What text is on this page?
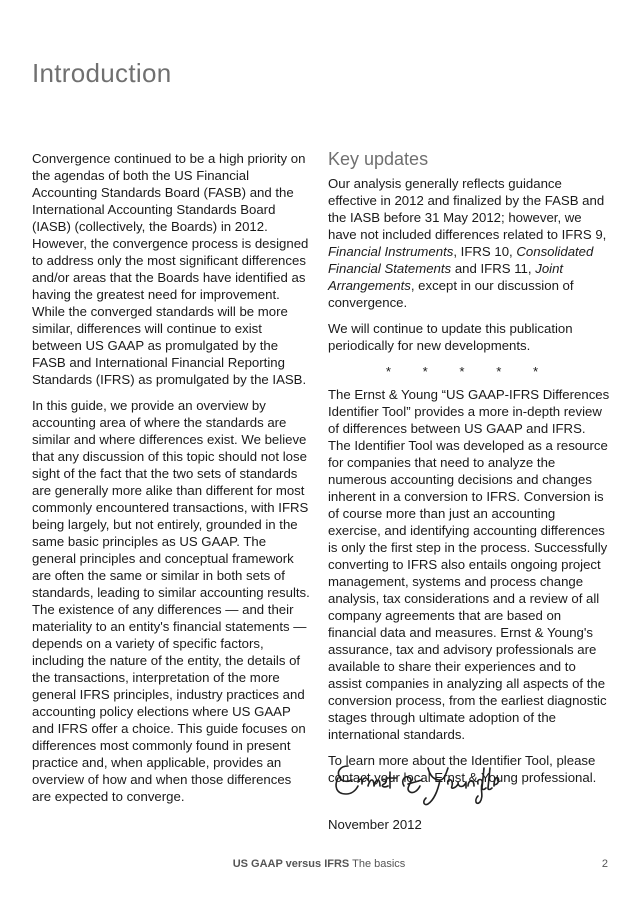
Introduction

Convergence continued to be a high priority on the agendas of both the US Financial Accounting Standards Board (FASB) and the International Accounting Standards Board (IASB) (collectively, the Boards) in 2012. However, the convergence process is designed to address only the most significant differences and/or areas that the Boards have identified as having the greatest need for improvement. While the converged standards will be more similar, differences will continue to exist between US GAAP as promulgated by the FASB and International Financial Reporting Standards (IFRS) as promulgated by the IASB.

In this guide, we provide an overview by accounting area of where the standards are similar and where differences exist. We believe that any discussion of this topic should not lose sight of the fact that the two sets of standards are generally more alike than different for most commonly encountered transactions, with IFRS being largely, but not entirely, grounded in the same basic principles as US GAAP. The general principles and conceptual framework are often the same or similar in both sets of standards, leading to similar accounting results. The existence of any differences — and their materiality to an entity's financial statements — depends on a variety of specific factors, including the nature of the entity, the details of the transactions, interpretation of the more general IFRS principles, industry practices and accounting policy elections where US GAAP and IFRS offer a choice. This guide focuses on differences most commonly found in present practice and, when applicable, provides an overview of how and when those differences are expected to converge.

Key updates

Our analysis generally reflects guidance effective in 2012 and finalized by the FASB and the IASB before 31 May 2012; however, we have not included differences related to IFRS 9, Financial Instruments, IFRS 10, Consolidated Financial Statements and IFRS 11, Joint Arrangements, except in our discussion of convergence.

We will continue to update this publication periodically for new developments.

* * * * *

The Ernst & Young “US GAAP-IFRS Differences Identifier Tool” provides a more in-depth review of differences between US GAAP and IFRS. The Identifier Tool was developed as a resource for companies that need to analyze the numerous accounting decisions and changes inherent in a conversion to IFRS. Conversion is of course more than just an accounting exercise, and identifying accounting differences is only the first step in the process. Successfully converting to IFRS also entails ongoing project management, systems and process change analysis, tax considerations and a review of all company agreements that are based on financial data and measures. Ernst & Young's assurance, tax and advisory professionals are available to share their experiences and to assist companies in analyzing all aspects of the conversion process, from the earliest diagnostic stages through ultimate adoption of the international standards.

To learn more about the Identifier Tool, please contact your local Ernst & Young professional.

November 2012

US GAAP versus IFRS The basics	2
